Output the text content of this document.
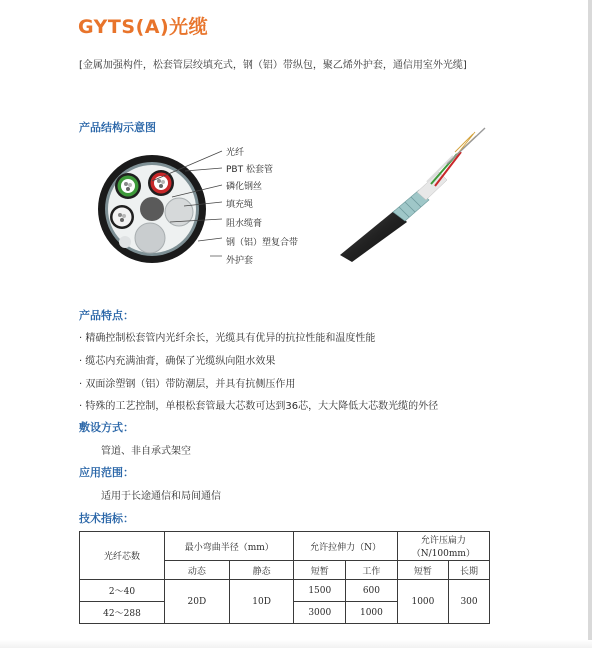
GYTS(A)光缆
[金属加强构件，松套管层绞填充式，钢（铝）带纵包，聚乙烯外护套，通信用室外光缆]
产品结构示意图
光纤
PBT 松套管
磷化钢丝
填充绳
阻水缆膏
钢（铝）塑复合带
外护套
产品特点：
· 精确控制松套管内光纤余长，光缆具有优异的抗拉性能和温度性能
· 缆芯内充满油膏，确保了光缆纵向阻水效果
· 双面涂塑钢（铝）带防潮层，并具有抗侧压作用
· 特殊的工艺控制，单根松套管最大芯数可达到36芯，大大降低大芯数光缆的外径
敷设方式：
管道、非自承式架空
应用范围：
适用于长途通信和局间通信
技术指标：
光纤芯数	最小弯曲半径（mm）		允许拉伸力（N）		允许压扁力
（N/100mm）	

	动态	静态	短暂	工作	短暂	长期
2～40	20D	10D	1500	600	1000	300
42～288			3000	1000		
